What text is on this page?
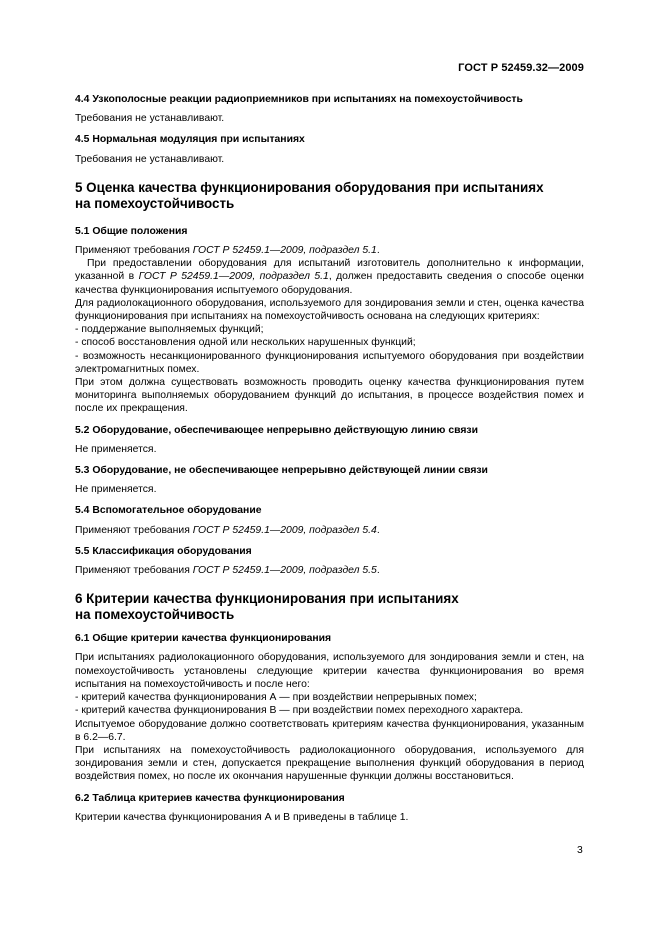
ГОСТ Р 52459.32—2009
4.4 Узкополосные реакции радиоприемников при испытаниях на помехоустойчивость

Требования не устанавливают.

4.5 Нормальная модуляция при испытаниях

Требования не устанавливают.

5 Оценка качества функционирования оборудования при испытаниях
на помехоустойчивость
5.1 Общие положения

Применяют требования ГОСТ Р 52459.1—2009, подраздел 5.1.

При предоставлении оборудования для испытаний изготовитель дополнительно к информации, указанной в ГОСТ Р 52459.1—2009, подраздел 5.1, должен предоставить сведения о способе оценки качества функционирования испытуемого оборудования.

Для радиолокационного оборудования, используемого для зондирования земли и стен, оценка качества функционирования при испытаниях на помехоустойчивость основана на следующих критериях:

- поддержание выполняемых функций;

- способ восстановления одной или нескольких нарушенных функций;

- возможность несанкционированного функционирования испытуемого оборудования при воздействии электромагнитных помех.

При этом должна существовать возможность проводить оценку качества функционирования путем мониторинга выполняемых оборудованием функций до испытания, в процессе воздействия помех и после их прекращения.

5.2 Оборудование, обеспечивающее непрерывно действующую линию связи

Не применяется.

5.3 Оборудование, не обеспечивающее непрерывно действующей линии связи

Не применяется.

5.4 Вспомогательное оборудование

Применяют требования ГОСТ Р 52459.1—2009, подраздел 5.4.

5.5 Классификация оборудования

Применяют требования ГОСТ Р 52459.1—2009, подраздел 5.5.

6 Критерии качества функционирования при испытаниях
на помехоустойчивость
6.1 Общие критерии качества функционирования

При испытаниях радиолокационного оборудования, используемого для зондирования земли и стен, на помехоустойчивость установлены следующие критерии качества функционирования во время испытания на помехоустойчивость и после него:

- критерий качества функционирования А — при воздействии непрерывных помех;

- критерий качества функционирования В — при воздействии помех переходного характера.

Испытуемое оборудование должно соответствовать критериям качества функционирования, указанным в 6.2—6.7.

При испытаниях на помехоустойчивость радиолокационного оборудования, используемого для зондирования земли и стен, допускается прекращение выполнения функций оборудования в период воздействия помех, но после их окончания нарушенные функции должны восстановиться.

6.2 Таблица критериев качества функционирования

Критерии качества функционирования А и В приведены в таблице 1.

3
